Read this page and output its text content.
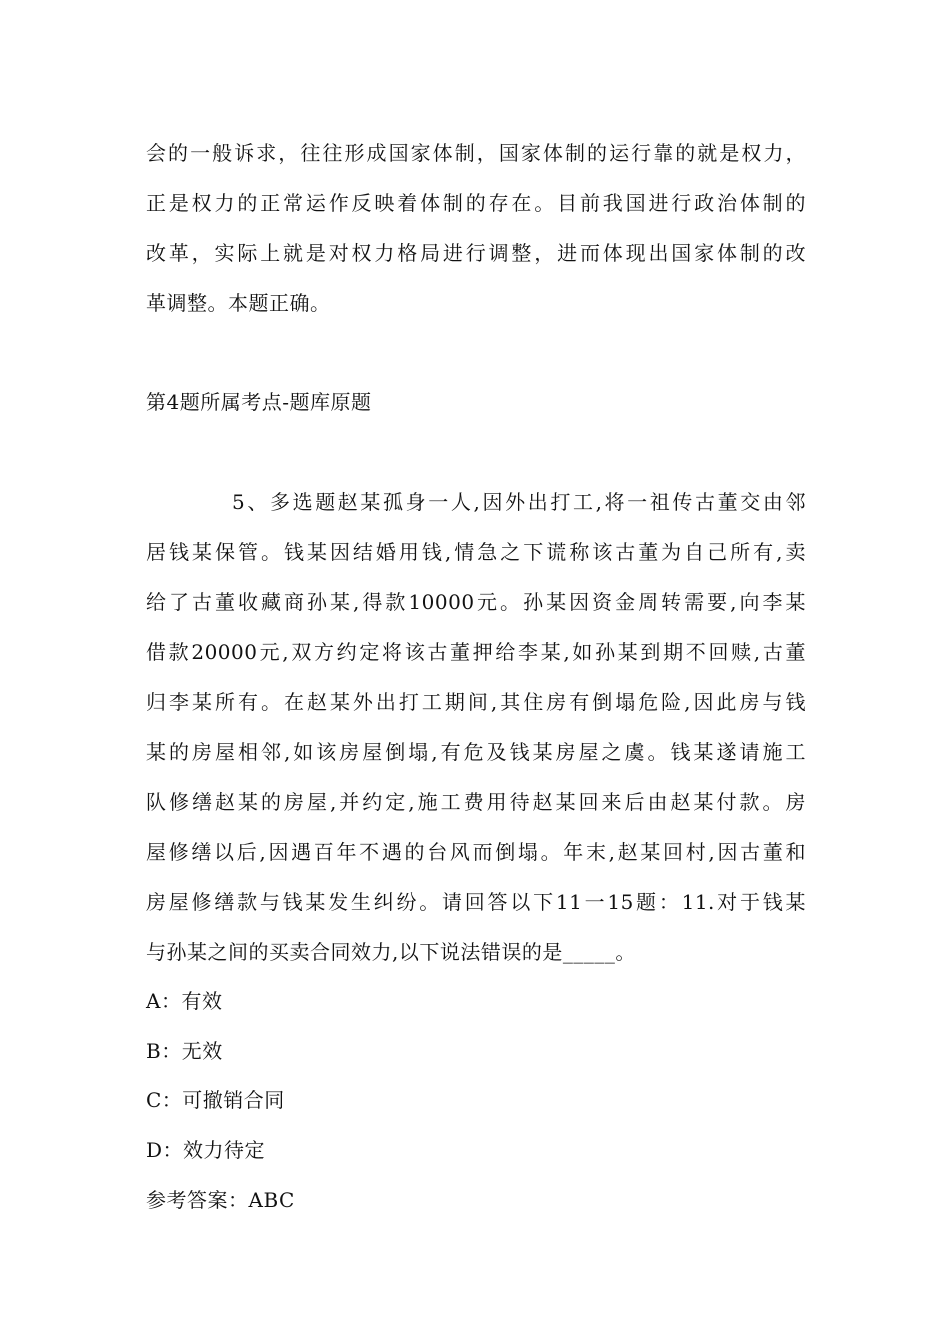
会的一般诉求，往往形成国家体制，国家体制的运行靠的就是权力，
正是权力的正常运作反映着体制的存在。目前我国进行政治体制的
改革，实际上就是对权力格局进行调整，进而体现出国家体制的改
革调整。本题正确。
第4题所属考点-题库原题
5、多选题赵某孤身一人,因外出打工,将一祖传古董交由邻
居钱某保管。钱某因结婚用钱,情急之下谎称该古董为自己所有,卖
给了古董收藏商孙某,得款10000元。孙某因资金周转需要,向李某
借款20000元,双方约定将该古董押给李某,如孙某到期不回赎,古董
归李某所有。在赵某外出打工期间,其住房有倒塌危险,因此房与钱
某的房屋相邻,如该房屋倒塌,有危及钱某房屋之虞。钱某遂请施工
队修缮赵某的房屋,并约定,施工费用待赵某回来后由赵某付款。房
屋修缮以后,因遇百年不遇的台风而倒塌。年末,赵某回村,因古董和
房屋修缮款与钱某发生纠纷。请回答以下11一15题：11.对于钱某
与孙某之间的买卖合同效力,以下说法错误的是_____。
A：有效
B：无效
C：可撤销合同
D：效力待定
参考答案：ABC
